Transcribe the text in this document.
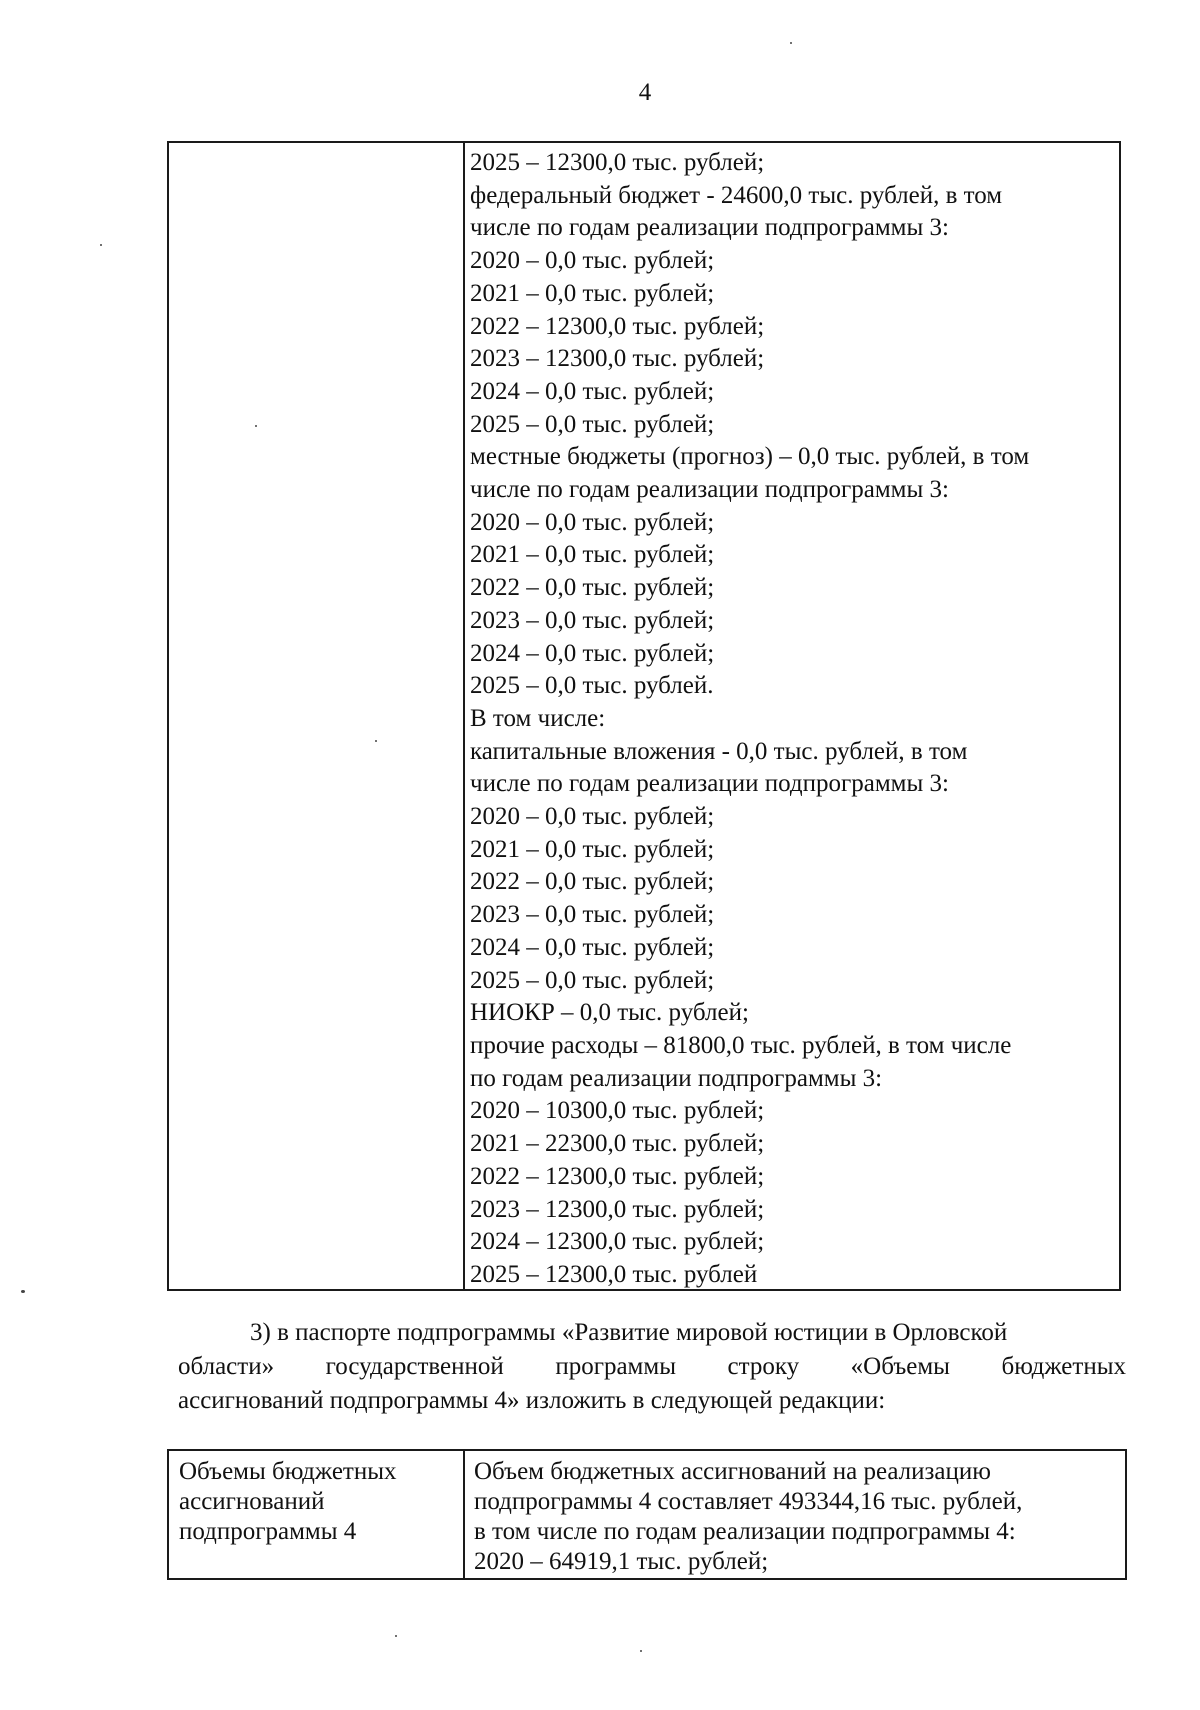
4
2025 – 12300,0 тыс. рублей;
федеральный бюджет - 24600,0 тыс. рублей, в том
числе по годам реализации подпрограммы 3:
2020 – 0,0 тыс. рублей;
2021 – 0,0 тыс. рублей;
2022 – 12300,0 тыс. рублей;
2023 – 12300,0 тыс. рублей;
2024 – 0,0 тыс. рублей;
2025 – 0,0 тыс. рублей;
местные бюджеты (прогноз) – 0,0 тыс. рублей, в том
числе по годам реализации подпрограммы 3:
2020 – 0,0 тыс. рублей;
2021 – 0,0 тыс. рублей;
2022 – 0,0 тыс. рублей;
2023 – 0,0 тыс. рублей;
2024 – 0,0 тыс. рублей;
2025 – 0,0 тыс. рублей.
В том числе:
капитальные вложения - 0,0 тыс. рублей, в том
числе по годам реализации подпрограммы 3:
2020 – 0,0 тыс. рублей;
2021 – 0,0 тыс. рублей;
2022 – 0,0 тыс. рублей;
2023 – 0,0 тыс. рублей;
2024 – 0,0 тыс. рублей;
2025 – 0,0 тыс. рублей;
НИОКР – 0,0 тыс. рублей;
прочие расходы – 81800,0 тыс. рублей, в том числе
по годам реализации подпрограммы 3:
2020 – 10300,0 тыс. рублей;
2021 – 22300,0 тыс. рублей;
2022 – 12300,0 тыс. рублей;
2023 – 12300,0 тыс. рублей;
2024 – 12300,0 тыс. рублей;
2025 – 12300,0 тыс. рублей
3) в паспорте подпрограммы «Развитие мировой юстиции в Орловской
области» государственной программы строку «Объемы бюджетных
ассигнований подпрограммы 4» изложить в следующей редакции:
Объемы бюджетных
ассигнований
подпрограммы 4
Объем бюджетных ассигнований на реализацию
подпрограммы 4 составляет 493344,16 тыс. рублей,
в том числе по годам реализации подпрограммы 4:
2020 – 64919,1 тыс. рублей;
